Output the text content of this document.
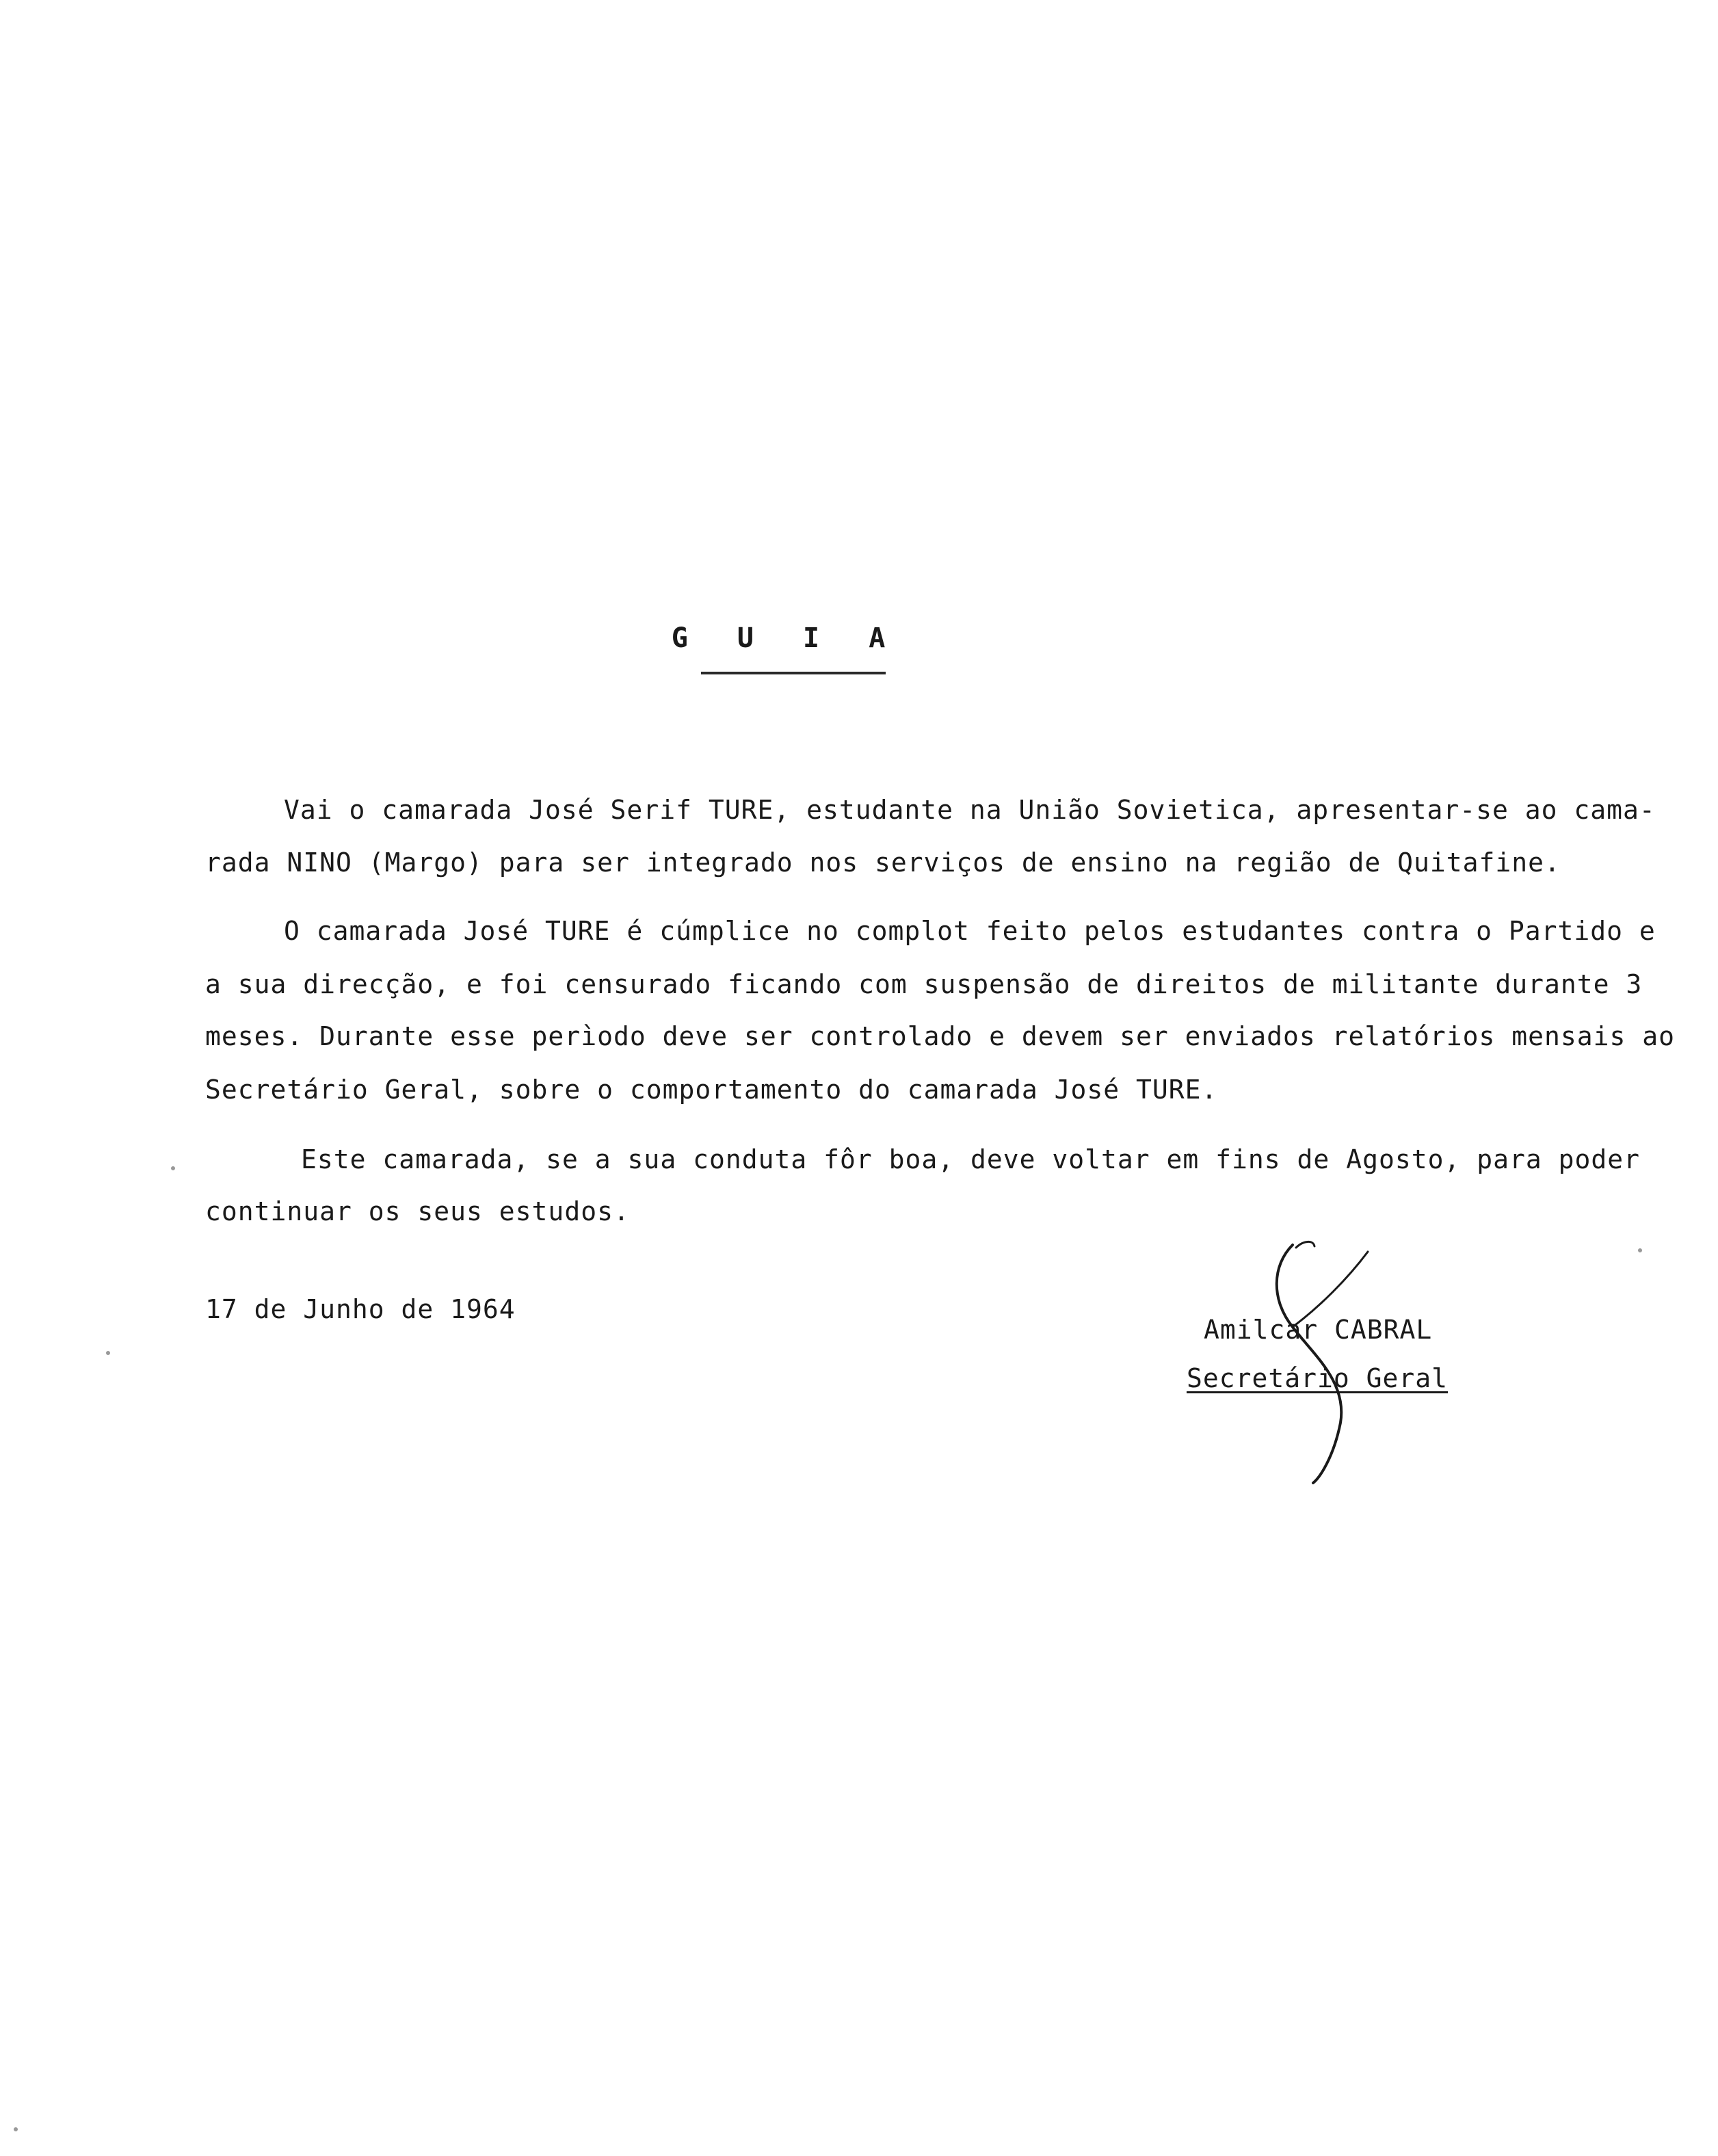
G U I A
Vai o camarada José Serif TURE, estudante na União Sovietica, apresentar-se ao cama-
rada NINO (Margo) para ser integrado nos serviços de ensino na região de Quitafine.
O camarada José TURE é cúmplice no complot feito pelos estudantes contra o Partido e
a sua direcção, e foi censurado ficando com suspensão de direitos de militante durante 3
meses. Durante esse perìodo deve ser controlado e devem ser enviados relatórios mensais ao
Secretário Geral, sobre o comportamento do camarada José TURE.
Este camarada, se a sua conduta fôr boa, deve voltar em fins de Agosto, para poder
continuar os seus estudos.
17 de Junho de 1964
Amilcar CABRAL
Secretário Geral
